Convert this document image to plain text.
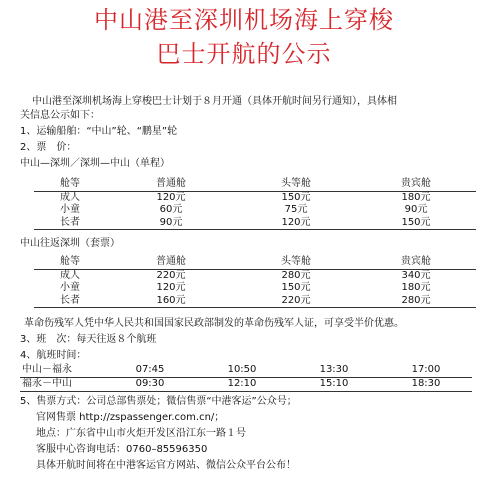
中山港至深圳机场海上穿梭
巴士开航的公示
中山港至深圳机场海上穿梭巴士计划于８月开通（具体开航时间另行通知），具体相
关信息公示如下：
1、运输船舶：“中山”轮、“鹏星”轮
2、票　价：
中山—深圳／深圳—中山（单程）
舱等	普通舱	头等舱	贵宾舱
成人	120元	150元	180元
小童	60元	75元	90元
长者	90元	120元	150元
中山往返深圳（套票）
舱等	普通舱	头等舱	贵宾舱
成人	220元	280元	340元
小童	120元	150元	180元
长者	160元	220元	280元
革命伤残军人凭中华人民共和国国家民政部制发的革命伤残军人证，可享受半价优惠。
3、班　次：每天往返８个航班
4、航班时间：
中山－福永	07:45	10:50	13:30	17:00
福永－中山	09:30	12:10	15:10	18:30
5、售票方式：公司总部售票处；微信售票“中港客运”公众号；
官网售票 http://zspassenger.com.cn/；
地点：广东省中山市火炬开发区沿江东一路１号
客服中心咨询电话：0760–85596350
具体开航时间将在中港客运官方网站、微信公众平台公布！
